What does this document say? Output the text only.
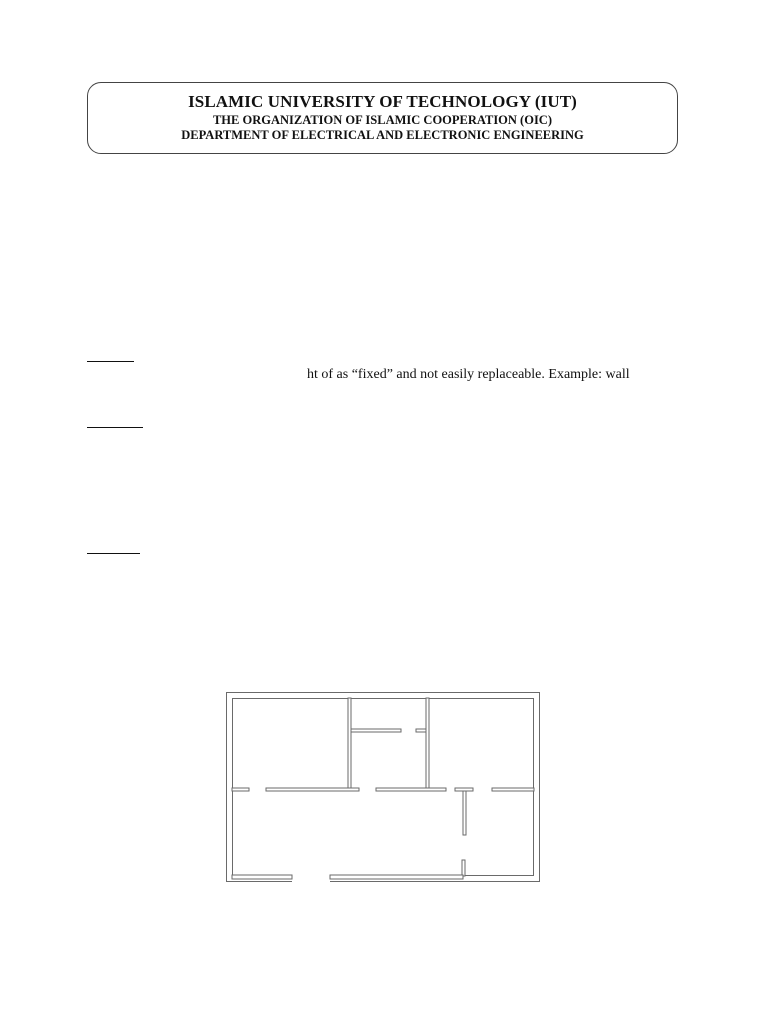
ISLAMIC UNIVERSITY OF TECHNOLOGY (IUT)
THE ORGANIZATION OF ISLAMIC COOPERATION (OIC)
DEPARTMENT OF ELECTRICAL AND ELECTRONIC ENGINEERING
ht of as “fixed” and not easily replaceable. Example: wall
